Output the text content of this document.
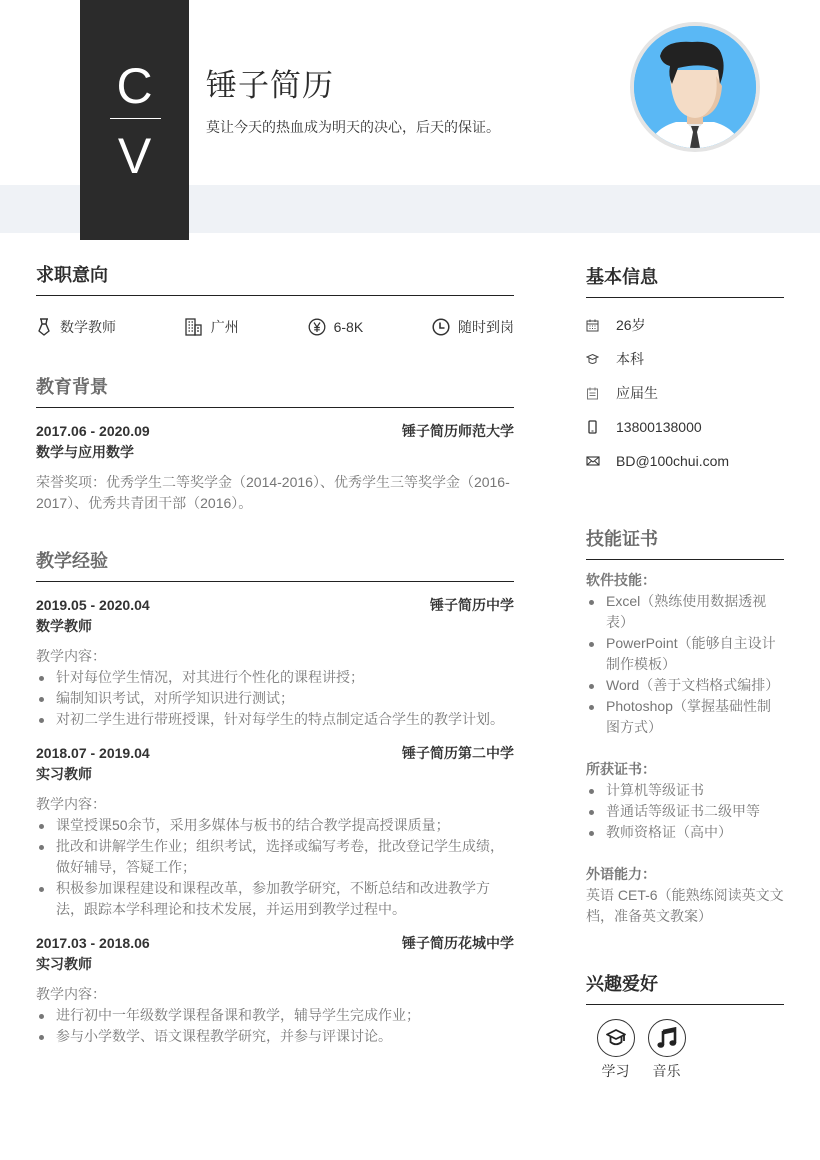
C
V
锤子简历
莫让今天的热血成为明天的决心，后天的保证。
求职意向
数学教师	广州	6-8K	随时到岗
教育背景
2017.06 - 2020.09	锤子简历师范大学
数学与应用数学
荣誉奖项：优秀学生二等奖学金（2014-2016）、优秀学生三等奖学金（2016-2017）、优秀共青团干部（2016）。
教学经验
2019.05 - 2020.04	锤子简历中学
数学教师
教学内容：
针对每位学生情况，对其进行个性化的课程讲授；
编制知识考试，对所学知识进行测试；
对初二学生进行带班授课，针对每学生的特点制定适合学生的教学计划。
2018.07 - 2019.04	锤子简历第二中学
实习教师
教学内容：
课堂授课50余节，采用多媒体与板书的结合教学提高授课质量；
批改和讲解学生作业；组织考试，选择或编写考卷，批改登记学生成绩，做好辅导，答疑工作；
积极参加课程建设和课程改革，参加教学研究，不断总结和改进教学方法，跟踪本学科理论和技术发展，并运用到教学过程中。
2017.03 - 2018.06	锤子简历花城中学
实习教师
教学内容：
进行初中一年级数学课程备课和教学，辅导学生完成作业；
参与小学数学、语文课程教学研究，并参与评课讨论。
基本信息
26岁
本科
应届生
13800138000
BD@100chui.com
技能证书
软件技能：
Excel（熟练使用数据透视表）
PowerPoint（能够自主设计制作模板）
Word（善于文档格式编排）
Photoshop（掌握基础性制图方式）
所获证书：
计算机等级证书
普通话等级证书二级甲等
教师资格证（高中）
外语能力：
英语 CET-6（能熟练阅读英文文档，准备英文教案）
兴趣爱好
学习	音乐
